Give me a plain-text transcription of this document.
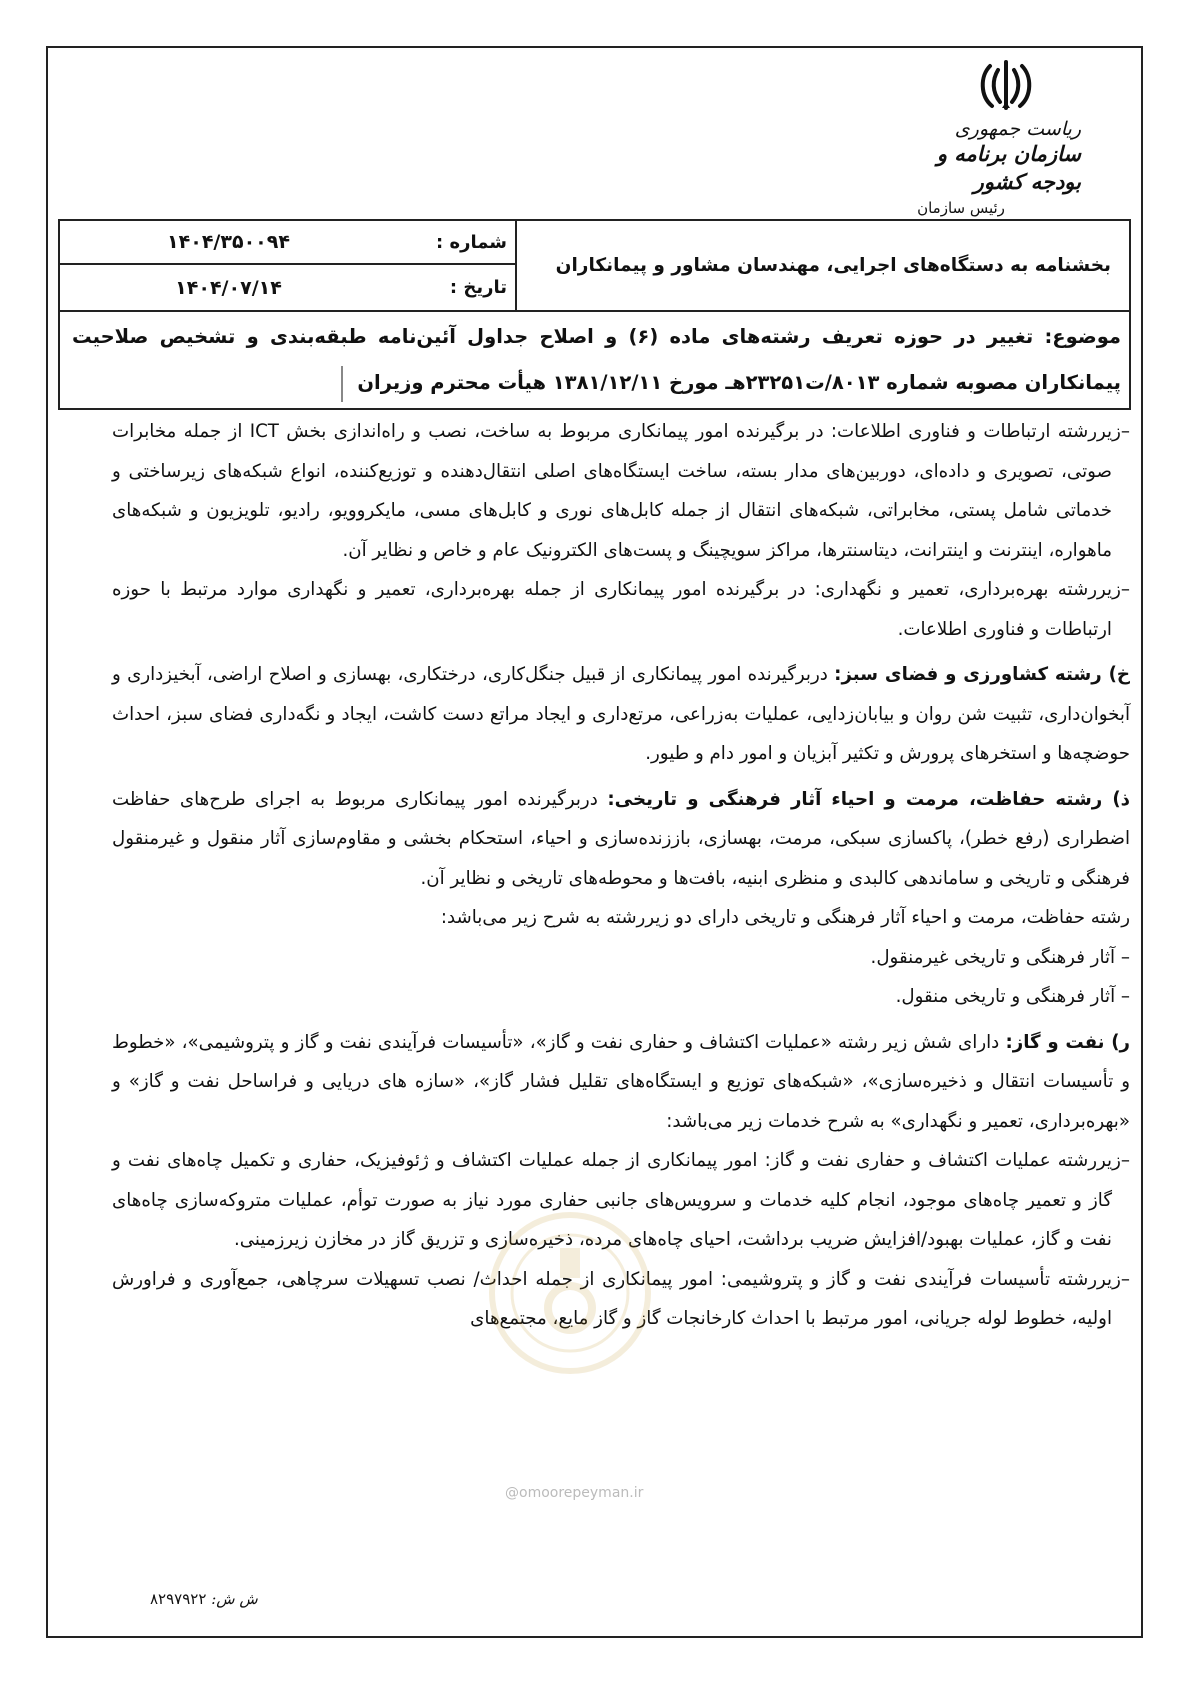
ریاست جمهوری
سازمان برنامه و بودجه کشور
رئیس سازمان
شماره :
۱۴۰۴/۳۵۰۰۹۴
تاریخ :
۱۴۰۴/۰۷/۱۴
بخشنامه به دستگاه‌های اجرایی، مهندسان مشاور و پیمانکاران
موضوع: تغییر در حوزه تعریف رشته‌های ماده (۶) و اصلاح جداول آئین‌نامه طبقه‌بندی و تشخیص صلاحیت
پیمانکاران مصوبه شماره ۸۰۱۳/ت۲۳۲۵۱هـ مورخ ۱۳۸۱/۱۲/۱۱ هیأت محترم وزیران

–زیررشته ارتباطات و فناوری اطلاعات: در برگیرنده امور پیمانکاری مربوط به ساخت، نصب و راه‌اندازی بخش ICT از جمله مخابرات صوتی، تصویری و داده‌ای، دوربین‌های مدار بسته، ساخت ایستگاه‌های اصلی انتقال‌دهنده و توزیع‌کننده، انواع شبکه‌های زیرساختی و خدماتی شامل پستی، مخابراتی، شبکه‌های انتقال از جمله کابل‌های نوری و کابل‌های مسی، مایکروویو، رادیو، تلویزیون و شبکه‌های ماهواره، اینترنت و اینترانت، دیتاسنترها، مراکز سویچینگ و پست‌های الکترونیک عام و خاص و نظایر آن.

–زیررشته بهره‌برداری، تعمیر و نگهداری: در برگیرنده امور پیمانکاری از جمله بهره‌برداری، تعمیر و نگهداری موارد مرتبط با حوزه ارتباطات و فناوری اطلاعات.

خ) رشته کشاورزی و فضای سبز: دربرگیرنده امور پیمانکاری از قبیل جنگل‌کاری، درختکاری، بهسازی و اصلاح اراضی، آبخیزداری و آبخوان‌داری، تثبیت شن روان و بیابان‌زدایی، عملیات به‌زراعی، مرتع‌داری و ایجاد مراتع دست کاشت، ایجاد و نگه‌داری فضای سبز، احداث حوضچه‌ها و استخرهای پرورش و تکثیر آبزیان و امور دام و طیور.

ذ) رشته حفاظت، مرمت و احیاء آثار فرهنگی و تاریخی: دربرگیرنده امور پیمانکاری مربوط به اجرای طرح‌های حفاظت اضطراری (رفع خطر)، پاکسازی سبکی، مرمت، بهسازی، باززنده‌سازی و احیاء، استحکام بخشی و مقاوم‌سازی آثار منقول و غیرمنقول فرهنگی و تاریخی و ساماندهی کالبدی و منظری ابنیه، بافت‌ها و محوطه‌های تاریخی و نظایر آن.

رشته حفاظت، مرمت و احیاء آثار فرهنگی و تاریخی دارای دو زیررشته به شرح زیر می‌باشد:

– آثار فرهنگی و تاریخی غیرمنقول.

– آثار فرهنگی و تاریخی منقول.

ر) نفت و گاز: دارای شش زیر رشته «عملیات اکتشاف و حفاری نفت و گاز»، «تأسیسات فرآیندی نفت و گاز و پتروشیمی»، «خطوط و تأسیسات انتقال و ذخیره‌سازی»، «شبکه‌های توزیع و ایستگاه‌های تقلیل فشار گاز»، «سازه های دریایی و فراساحل نفت و گاز» و «بهره‌برداری، تعمیر و نگهداری» به شرح خدمات زیر می‌باشد:

–زیررشته عملیات اکتشاف و حفاری نفت و گاز: امور پیمانکاری از جمله عملیات اکتشاف و ژئوفیزیک، حفاری و تکمیل چاه‌های نفت و گاز و تعمیر چاه‌های موجود، انجام کلیه خدمات و سرویس‌های جانبی حفاری مورد نیاز به صورت توأم، عملیات متروکه‌سازی چاه‌های نفت و گاز، عملیات بهبود/افزایش ضریب برداشت، احیای چاه‌های مرده، ذخیره‌سازی و تزریق گاز در مخازن زیرزمینی.

–زیررشته تأسیسات فرآیندی نفت و گاز و پتروشیمی: امور پیمانکاری از جمله احداث/ نصب تسهیلات سرچاهی، جمع‌آوری و فراورش اولیه، خطوط لوله جریانی، امور مرتبط با احداث کارخانجات گاز و گاز مایع، مجتمع‌های

@omoorepeyman.ir
ش ش: ۸۲۹۷۹۲۲
